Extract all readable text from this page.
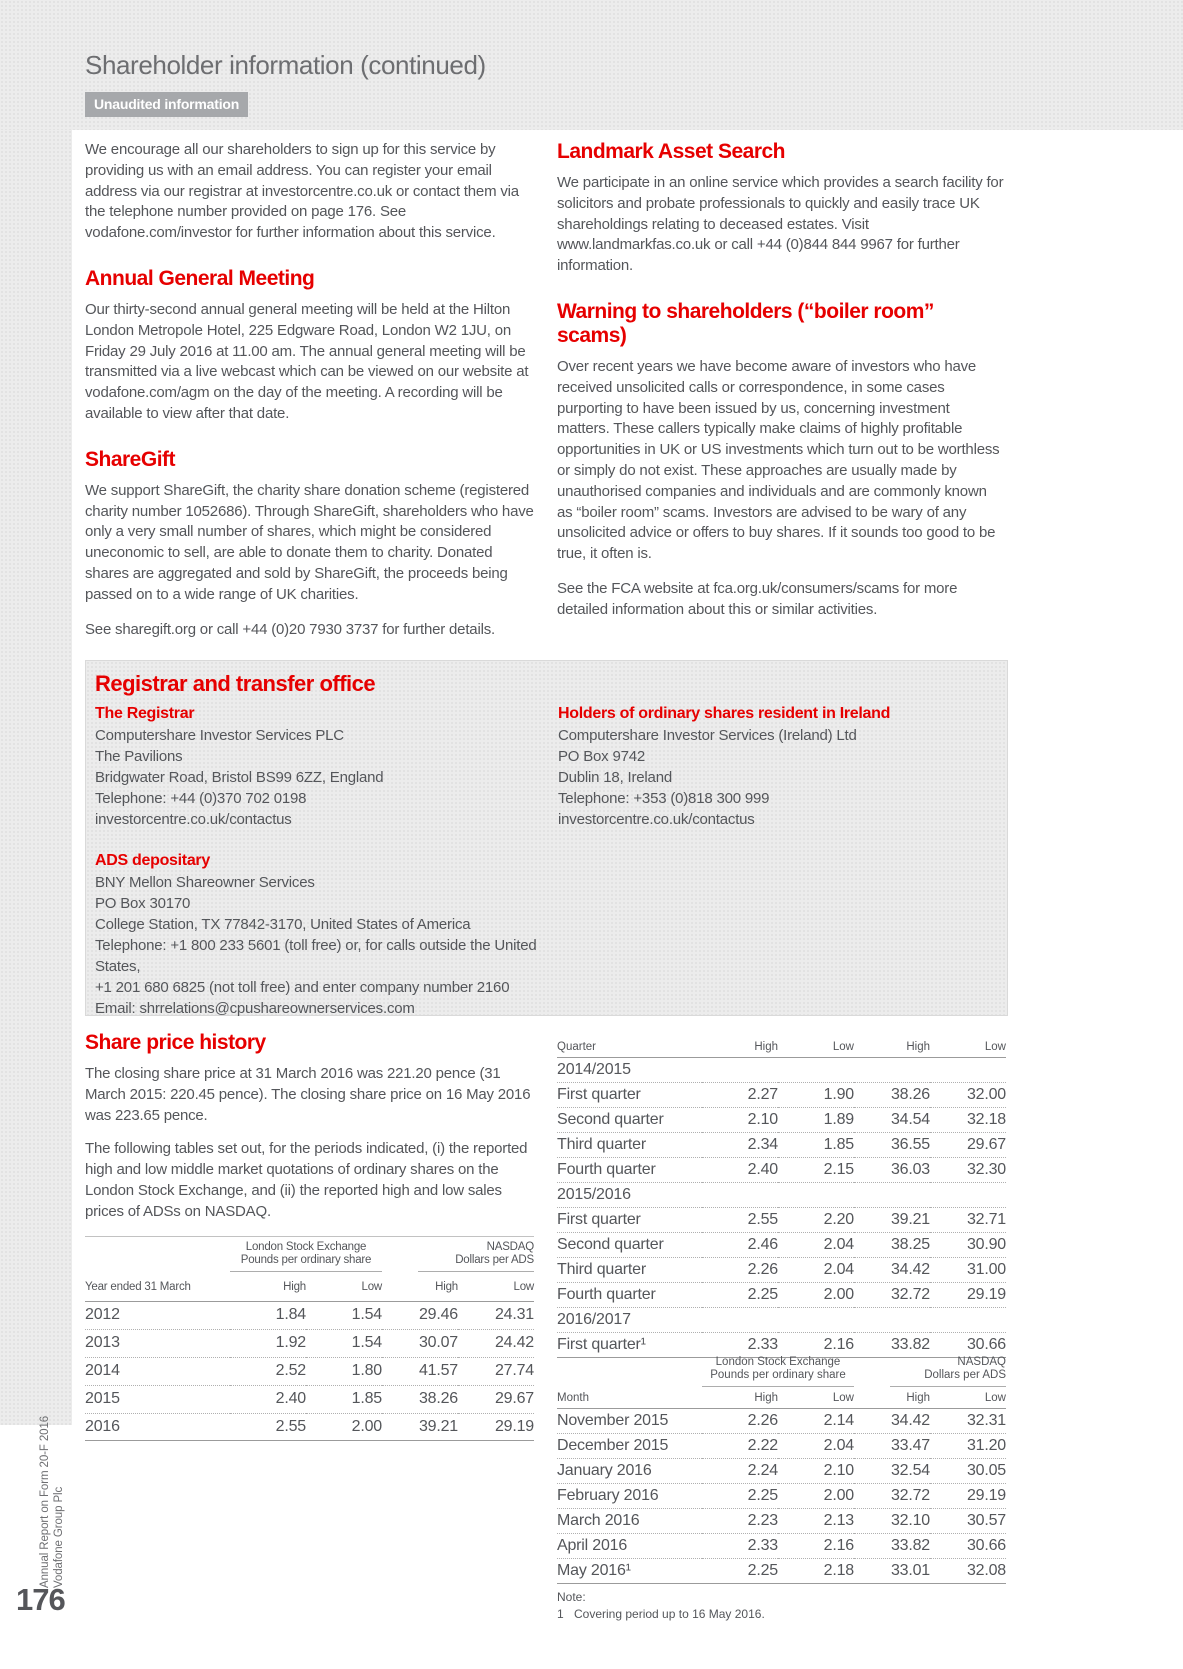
Shareholder information (continued)
Unaudited information

We encourage all our shareholders to sign up for this service by providing us with an email address. You can register your email address via our registrar at investorcentre.co.uk or contact them via the telephone number provided on page 176. See vodafone.com/investor for further information about this service.

Annual General Meeting

Our thirty-second annual general meeting will be held at the Hilton London Metropole Hotel, 225 Edgware Road, London W2 1JU, on Friday 29 July 2016 at 11.00 am. The annual general meeting will be transmitted via a live webcast which can be viewed on our website at vodafone.com/agm on the day of the meeting. A recording will be available to view after that date.

ShareGift

We support ShareGift, the charity share donation scheme (registered charity number 1052686). Through ShareGift, shareholders who have only a very small number of shares, which might be considered uneconomic to sell, are able to donate them to charity. Donated shares are aggregated and sold by ShareGift, the proceeds being passed on to a wide range of UK charities.

See sharegift.org or call +44 (0)20 7930 3737 for further details.

Landmark Asset Search

We participate in an online service which provides a search facility for solicitors and probate professionals to quickly and easily trace UK shareholdings relating to deceased estates. Visit www.landmarkfas.co.uk or call +44 (0)844 844 9967 for further information.

Warning to shareholders (“boiler room” scams)

Over recent years we have become aware of investors who have received unsolicited calls or correspondence, in some cases purporting to have been issued by us, concerning investment matters. These callers typically make claims of highly profitable opportunities in UK or US investments which turn out to be worthless or simply do not exist. These approaches are usually made by unauthorised companies and individuals and are commonly known as “boiler room” scams. Investors are advised to be wary of any unsolicited advice or offers to buy shares. If it sounds too good to be true, it often is.

See the FCA website at fca.org.uk/consumers/scams for more detailed information about this or similar activities.

Registrar and transfer office
The Registrar
Computershare Investor Services PLC
The Pavilions
Bridgwater Road, Bristol BS99 6ZZ, England
Telephone: +44 (0)370 702 0198
investorcentre.co.uk/contactus
ADS depositary
BNY Mellon Shareowner Services
PO Box 30170
College Station, TX 77842-3170, United States of America
Telephone: +1 800 233 5601 (toll free) or, for calls outside the United States,
+1 201 680 6825 (not toll free) and enter company number 2160
Email: shrrelations@cpushareownerservices.com
Holders of ordinary shares resident in Ireland
Computershare Investor Services (Ireland) Ltd
PO Box 9742
Dublin 18, Ireland
Telephone: +353 (0)818 300 999
investorcentre.co.uk/contactus
Share price history

The closing share price at 31 March 2016 was 221.20 pence (31 March 2015: 220.45 pence). The closing share price on 16 May 2016 was 223.65 pence.

The following tables set out, for the periods indicated, (i) the reported high and low middle market quotations of ordinary shares on the London Stock Exchange, and (ii) the reported high and low sales prices of ADSs on NASDAQ.

London Stock Exchange
Pounds per ordinary share

NASDAQ
Dollars per ADS

Year ended 31 March	High	Low	High	Low
2012	1.84	1.54	29.46	24.31
2013	1.92	1.54	30.07	24.42
2014	2.52	1.80	41.57	27.74
2015	2.40	1.85	38.26	29.67
2016	2.55	2.00	39.21	29.19
Quarter	High	Low	High	Low
2014/2015				
First quarter	2.27	1.90	38.26	32.00
Second quarter	2.10	1.89	34.54	32.18
Third quarter	2.34	1.85	36.55	29.67
Fourth quarter	2.40	2.15	36.03	32.30
2015/2016				
First quarter	2.55	2.20	39.21	32.71
Second quarter	2.46	2.04	38.25	30.90
Third quarter	2.26	2.04	34.42	31.00
Fourth quarter	2.25	2.00	32.72	29.19
2016/2017				
First quarter¹	2.33	2.16	33.82	30.66

London Stock Exchange
Pounds per ordinary share

NASDAQ
Dollars per ADS

Month	High	Low	High	Low
November 2015	2.26	2.14	34.42	32.31
December 2015	2.22	2.04	33.47	31.20
January 2016	2.24	2.10	32.54	30.05
February 2016	2.25	2.00	32.72	29.19
March 2016	2.23	2.13	32.10	30.57
April 2016	2.33	2.16	33.82	30.66
May 2016¹	2.25	2.18	33.01	32.08
Note:
1 Covering period up to 16 May 2016.
Vodafone Group Plc
Annual Report on Form 20-F 2016
176
